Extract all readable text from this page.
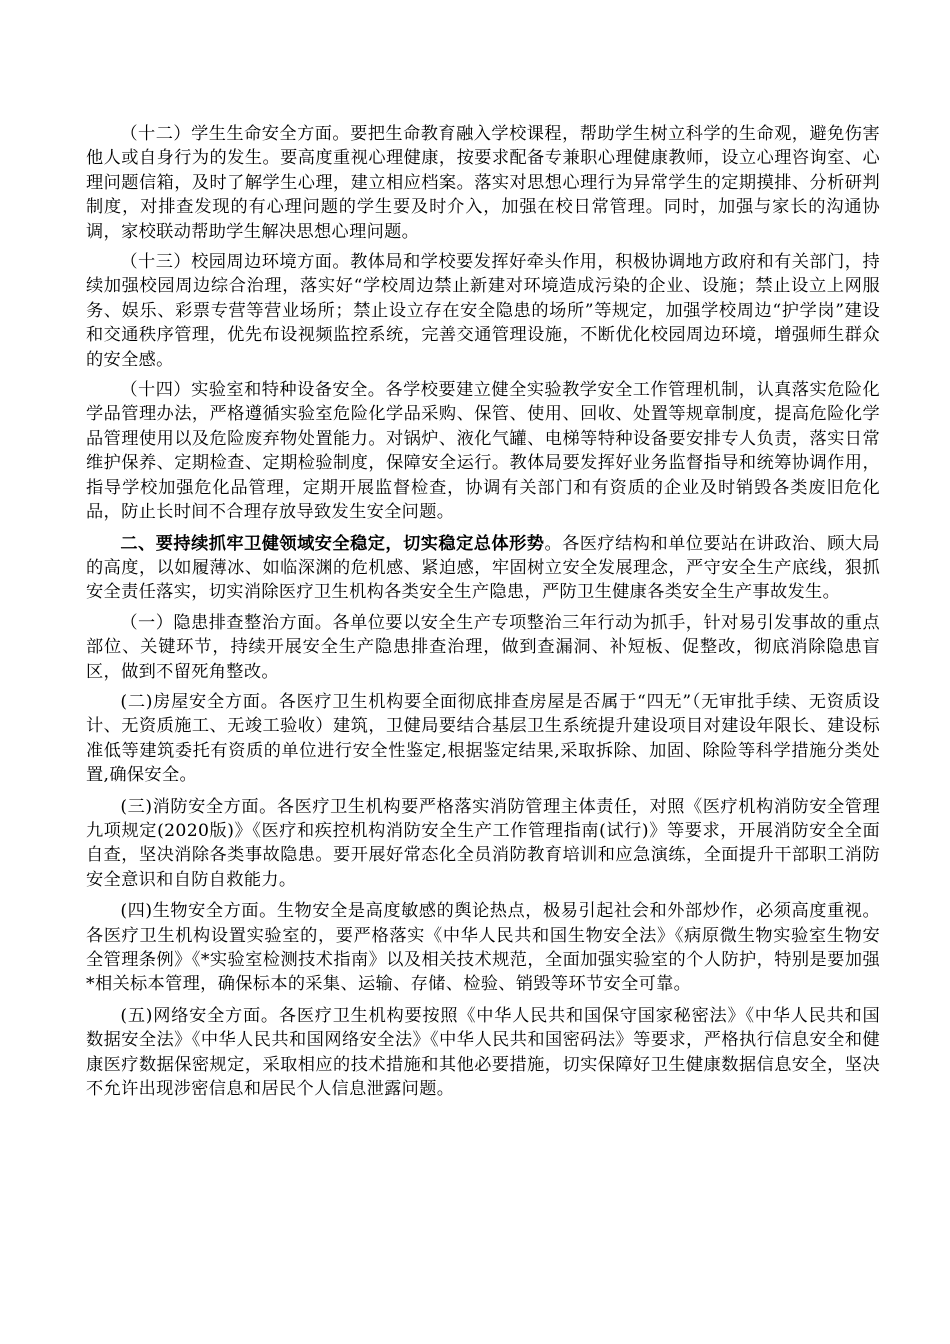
（十二）学生生命安全方面。要把生命教育融入学校课程，帮助学生树立科学的生命观，避免伤害他人或自身行为的发生。要高度重视心理健康，按要求配备专兼职心理健康教师，设立心理咨询室、心理问题信箱，及时了解学生心理，建立相应档案。落实对思想心理行为异常学生的定期摸排、分析研判制度，对排查发现的有心理问题的学生要及时介入，加强在校日常管理。同时，加强与家长的沟通协调，家校联动帮助学生解决思想心理问题。

（十三）校园周边环境方面。教体局和学校要发挥好牵头作用，积极协调地方政府和有关部门，持续加强校园周边综合治理，落实好“学校周边禁止新建对环境造成污染的企业、设施；禁止设立上网服务、娱乐、彩票专营等营业场所；禁止设立存在安全隐患的场所”等规定，加强学校周边“护学岗”建设和交通秩序管理，优先布设视频监控系统，完善交通管理设施，不断优化校园周边环境，增强师生群众的安全感。

（十四）实验室和特种设备安全。各学校要建立健全实验教学安全工作管理机制，认真落实危险化学品管理办法，严格遵循实验室危险化学品采购、保管、使用、回收、处置等规章制度，提高危险化学品管理使用以及危险废弃物处置能力。对锅炉、液化气罐、电梯等特种设备要安排专人负责，落实日常维护保养、定期检查、定期检验制度，保障安全运行。教体局要发挥好业务监督指导和统筹协调作用，指导学校加强危化品管理，定期开展监督检查，协调有关部门和有资质的企业及时销毁各类废旧危化品，防止长时间不合理存放导致发生安全问题。

二、要持续抓牢卫健领域安全稳定，切实稳定总体形势。各医疗结构和单位要站在讲政治、顾大局的高度，以如履薄冰、如临深渊的危机感、紧迫感，牢固树立安全发展理念，严守安全生产底线，狠抓安全责任落实，切实消除医疗卫生机构各类安全生产隐患，严防卫生健康各类安全生产事故发生。

（一）隐患排查整治方面。各单位要以安全生产专项整治三年行动为抓手，针对易引发事故的重点部位、关键环节，持续开展安全生产隐患排查治理，做到查漏洞、补短板、促整改，彻底消除隐患盲区，做到不留死角整改。

(二)房屋安全方面。各医疗卫生机构要全面彻底排查房屋是否属于“四无”（无审批手续、无资质设计、无资质施工、无竣工验收）建筑，卫健局要结合基层卫生系统提升建设项目对建设年限长、建设标准低等建筑委托有资质的单位进行安全性鉴定,根据鉴定结果,采取拆除、加固、除险等科学措施分类处置,确保安全。

(三)消防安全方面。各医疗卫生机构要严格落实消防管理主体责任，对照《医疗机构消防安全管理九项规定(2020版)》《医疗和疾控机构消防安全生产工作管理指南(试行)》等要求，开展消防安全全面自查，坚决消除各类事故隐患。要开展好常态化全员消防教育培训和应急演练，全面提升干部职工消防安全意识和自防自救能力。

(四)生物安全方面。生物安全是高度敏感的舆论热点，极易引起社会和外部炒作，必须高度重视。各医疗卫生机构设置实验室的，要严格落实《中华人民共和国生物安全法》《病原微生物实验室生物安全管理条例》《*实验室检测技术指南》以及相关技术规范，全面加强实验室的个人防护，特别是要加强*相关标本管理，确保标本的采集、运输、存储、检验、销毁等环节安全可靠。

(五)网络安全方面。各医疗卫生机构要按照《中华人民共和国保守国家秘密法》《中华人民共和国数据安全法》《中华人民共和国网络安全法》《中华人民共和国密码法》等要求，严格执行信息安全和健康医疗数据保密规定，采取相应的技术措施和其他必要措施，切实保障好卫生健康数据信息安全，坚决不允许出现涉密信息和居民个人信息泄露问题。
